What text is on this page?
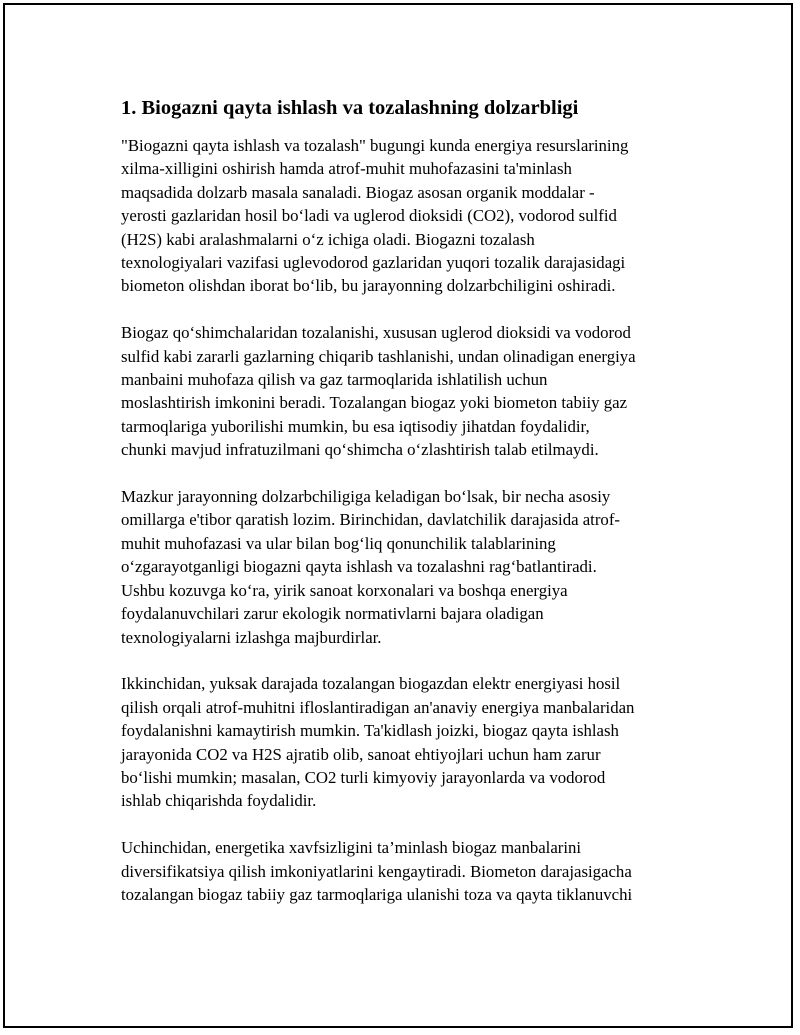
1. Biogazni qayta ishlash va tozalashning dolzarbligi

"Biogazni qayta ishlash va tozalash" bugungi kunda energiya resurslarining
xilma-xilligini oshirish hamda atrof-muhit muhofazasini ta'minlash
maqsadida dolzarb masala sanaladi. Biogaz asosan organik moddalar -
yerosti gazlaridan hosil bo‘ladi va uglerod dioksidi (CO2), vodorod sulfid
(H2S) kabi aralashmalarni o‘z ichiga oladi. Biogazni tozalash
texnologiyalari vazifasi uglevodorod gazlaridan yuqori tozalik darajasidagi
biometon olishdan iborat bo‘lib, bu jarayonning dolzarbchiligini oshiradi.

Biogaz qo‘shimchalaridan tozalanishi, xususan uglerod dioksidi va vodorod
sulfid kabi zararli gazlarning chiqarib tashlanishi, undan olinadigan energiya
manbaini muhofaza qilish va gaz tarmoqlarida ishlatilish uchun
moslashtirish imkonini beradi. Tozalangan biogaz yoki biometon tabiiy gaz
tarmoqlariga yuborilishi mumkin, bu esa iqtisodiy jihatdan foydalidir,
chunki mavjud infratuzilmani qo‘shimcha o‘zlashtirish talab etilmaydi.

Mazkur jarayonning dolzarbchiligiga keladigan bo‘lsak, bir necha asosiy
omillarga e'tibor qaratish lozim. Birinchidan, davlatchilik darajasida atrof-
muhit muhofazasi va ular bilan bog‘liq qonunchilik talablarining
o‘zgarayotganligi biogazni qayta ishlash va tozalashni rag‘batlantiradi.
Ushbu kozuvga ko‘ra, yirik sanoat korxonalari va boshqa energiya
foydalanuvchilari zarur ekologik normativlarni bajara oladigan
texnologiyalarni izlashga majburdirlar.

Ikkinchidan, yuksak darajada tozalangan biogazdan elektr energiyasi hosil
qilish orqali atrof-muhitni ifloslantiradigan an'anaviy energiya manbalaridan
foydalanishni kamaytirish mumkin. Ta'kidlash joizki, biogaz qayta ishlash
jarayonida CO2 va H2S ajratib olib, sanoat ehtiyojlari uchun ham zarur
bo‘lishi mumkin; masalan, CO2 turli kimyoviy jarayonlarda va vodorod
ishlab chiqarishda foydalidir.

Uchinchidan, energetika xavfsizligini ta’minlash biogaz manbalarini
diversifikatsiya qilish imkoniyatlarini kengaytiradi. Biometon darajasigacha
tozalangan biogaz tabiiy gaz tarmoqlariga ulanishi toza va qayta tiklanuvchi
